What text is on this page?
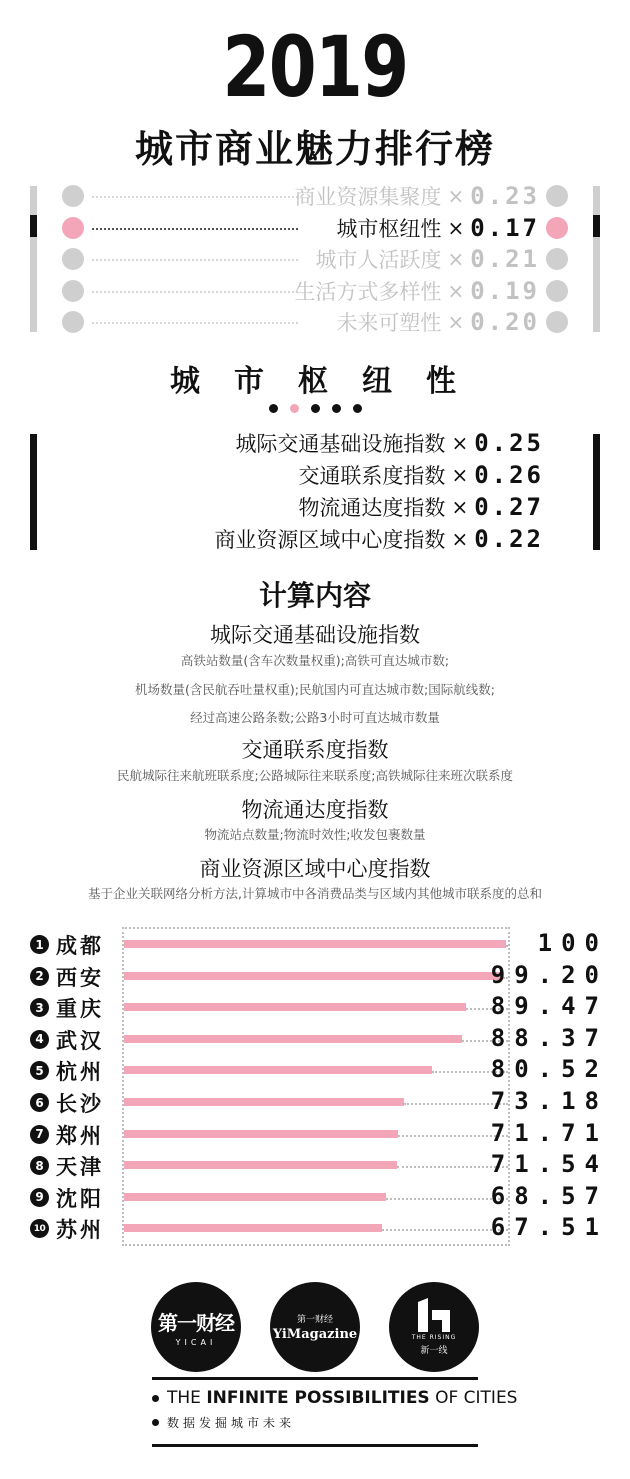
2019
城市商业魅力排行榜
商业资源集聚度 × 0.23
城市枢纽性 × 0.17
城市人活跃度 × 0.21
生活方式多样性 × 0.19
未来可塑性 × 0.20
城市枢纽性
城际交通基础设施指数 × 0.25
交通联系度指数 × 0.26
物流通达度指数 × 0.27
商业资源区域中心度指数 × 0.22
计算内容
城际交通基础设施指数
高铁站数量(含车次数量权重);高铁可直达城市数;
机场数量(含民航吞吐量权重);民航国内可直达城市数;国际航线数;
经过高速公路条数;公路3小时可直达城市数量
交通联系度指数
民航城际往来航班联系度;公路城际往来联系度;高铁城际往来班次联系度
物流通达度指数
物流站点数量;物流时效性;收发包裹数量
商业资源区域中心度指数
基于企业关联网络分析方法,计算城市中各消费品类与区域内其他城市联系度的总和
1 成都	100
2 西安	99.20
3 重庆	89.47
4 武汉	88.37
5 杭州	80.52
6 长沙	73.18
7 郑州	71.71
8 天津	71.54
9 沈阳	68.57
10 苏州	67.51
第一财经
YICAI
第一财经
YiMagazine	THE RISING
新一线
THE
INFINITE POSSIBILITIES
OF CITIES
数据发掘城市未来
